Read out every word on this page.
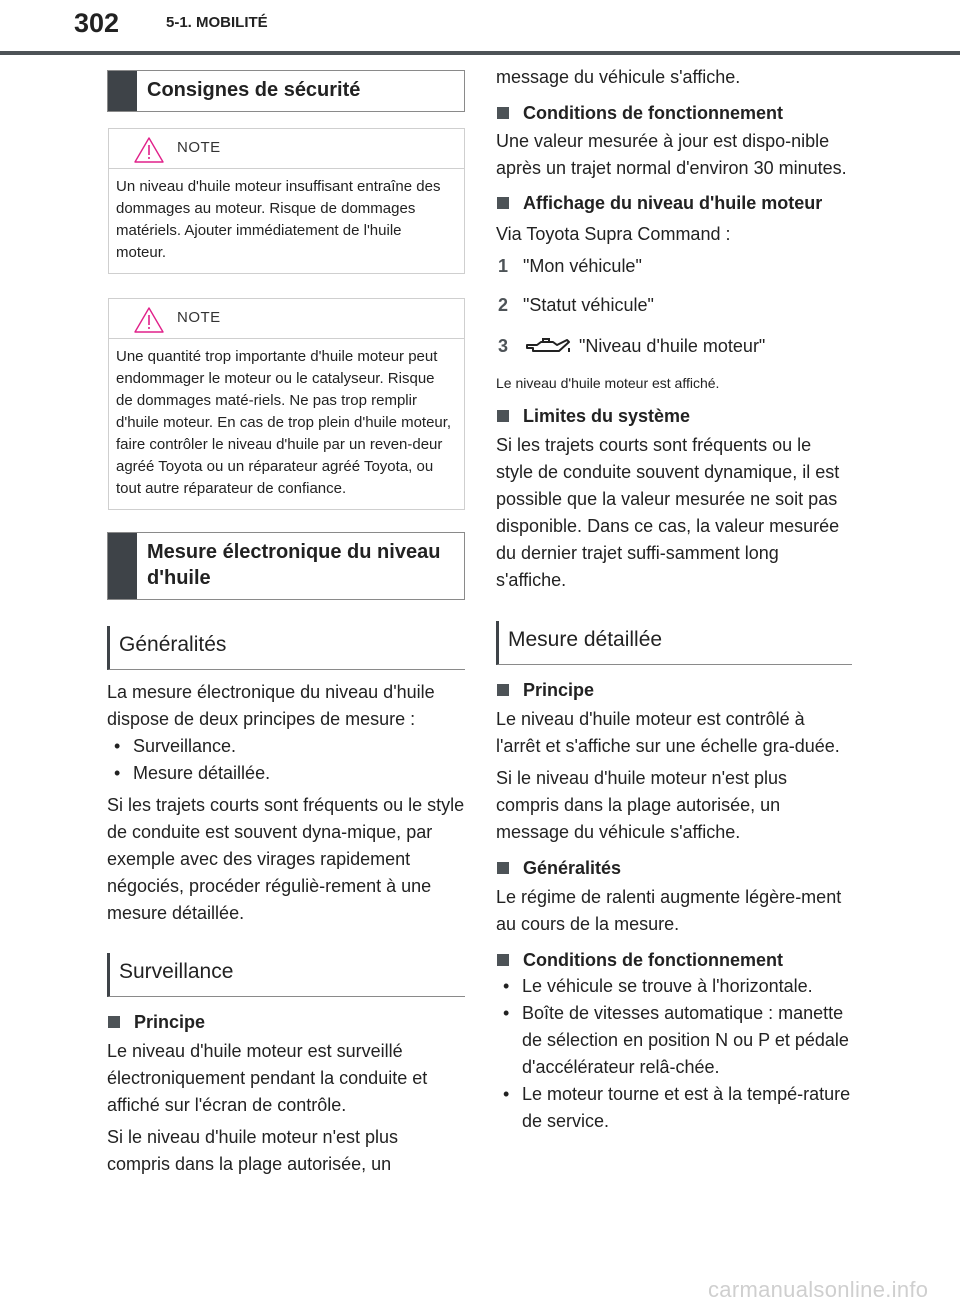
302	5-1. MOBILITÉ
Consignes de sécurité
NOTE
Un niveau d'huile moteur insuffisant entraîne des dommages au moteur. Risque de dommages matériels. Ajouter immédiatement de l'huile moteur.
NOTE
Une quantité trop importante d'huile moteur peut endommager le moteur ou le catalyseur. Risque de dommages maté-riels. Ne pas trop remplir d'huile moteur. En cas de trop plein d'huile moteur, faire contrôler le niveau d'huile par un reven-deur agréé Toyota ou un réparateur agréé Toyota, ou tout autre réparateur de confiance.
Mesure électronique du niveau d'huile
Généralités

La mesure électronique du niveau d'huile dispose de deux principes de mesure :

• Surveillance.
• Mesure détaillée.

Si les trajets courts sont fréquents ou le style de conduite est souvent dyna-mique, par exemple avec des virages rapidement négociés, procéder réguliè-rement à une mesure détaillée.

Surveillance
Principe

Le niveau d'huile moteur est surveillé électroniquement pendant la conduite et affiché sur l'écran de contrôle.

Si le niveau d'huile moteur n'est plus compris dans la plage autorisée, un

message du véhicule s'affiche.

Conditions de fonctionnement

Une valeur mesurée à jour est dispo-nible après un trajet normal d'environ 30 minutes.

Affichage du niveau d'huile moteur

Via Toyota Supra Command :

1 "Mon véhicule"
2 "Statut véhicule"
3	"Niveau d'huile moteur"
Le niveau d'huile moteur est affiché.
Limites du système

Si les trajets courts sont fréquents ou le style de conduite souvent dynamique, il est possible que la valeur mesurée ne soit pas disponible. Dans ce cas, la valeur mesurée du dernier trajet suffi-samment long s'affiche.

Mesure détaillée
Principe

Le niveau d'huile moteur est contrôlé à l'arrêt et s'affiche sur une échelle gra-duée.

Si le niveau d'huile moteur n'est plus compris dans la plage autorisée, un message du véhicule s'affiche.

Généralités

Le régime de ralenti augmente légère-ment au cours de la mesure.

Conditions de fonctionnement
• Le véhicule se trouve à l'horizontale.
• Boîte de vitesses automatique : manette de sélection en position N ou P et pédale d'accélérateur relâ-chée.
• Le moteur tourne et est à la tempé-rature de service.
carmanualsonline.info
